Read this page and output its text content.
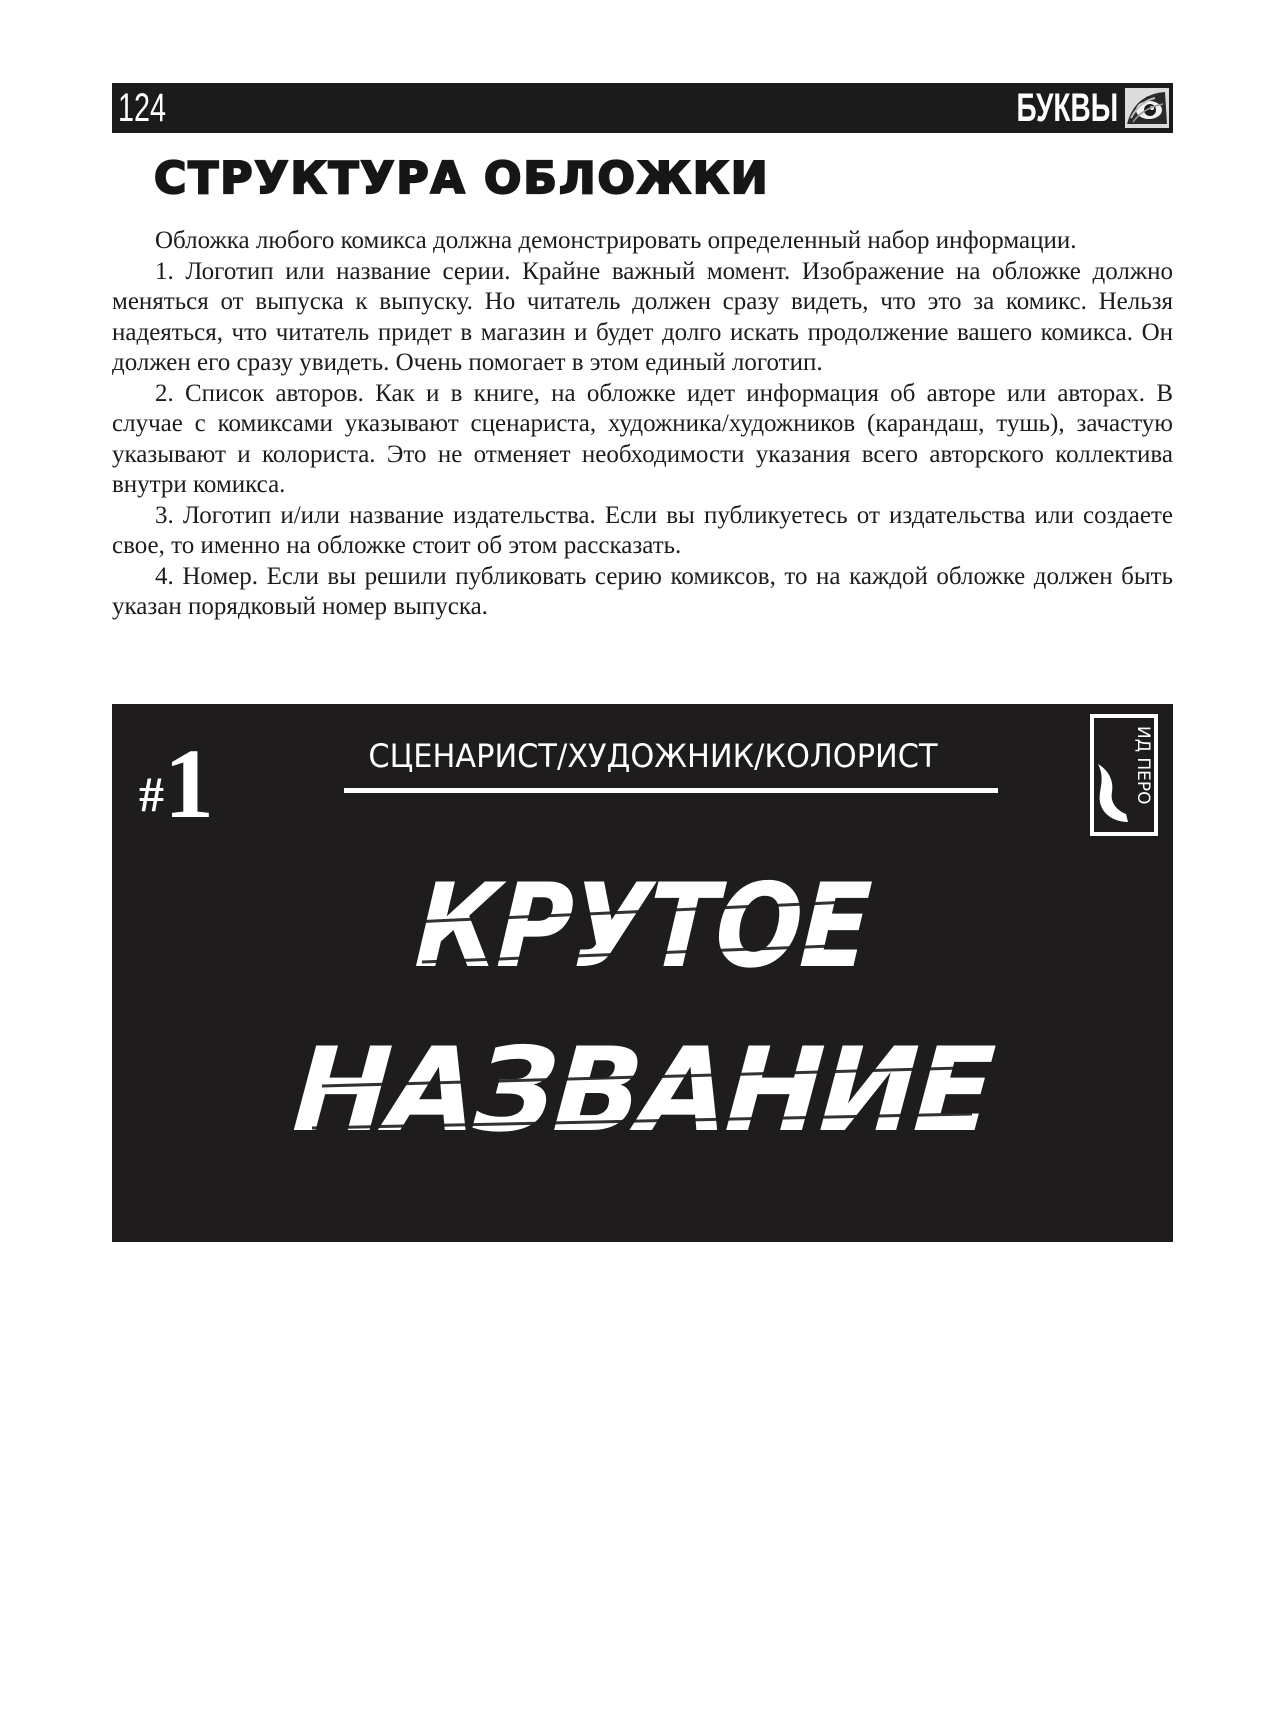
124	БУКВЫ
СТРУКТУРА ОБЛОЖКИ

Обложка любого комикса должна демонстрировать определенный набор информации.

1. Логотип или название серии. Крайне важный момент. Изображение на обложке должно меняться от выпуска к выпуску. Но читатель должен сразу видеть, что это за комикс. Нельзя надеяться, что читатель придет в магазин и будет долго искать продолжение вашего комикса. Он должен его сразу увидеть. Очень помогает в этом единый логотип.

2. Список авторов. Как и в книге, на обложке идет информация об авторе или авторах. В случае с комиксами указывают сценариста, художника/художников (карандаш, тушь), зачастую указывают и колориста. Это не отменяет необходимости указания всего авторского коллектива внутри комикса.

3. Логотип и/или название издательства. Если вы публикуетесь от издательства или создаете свое, то именно на обложке стоит об этом рассказать.

4. Номер. Если вы решили публиковать серию комиксов, то на каждой обложке должен быть указан порядковый номер выпуска.

#1	СЦЕНАРИСТ/ХУДОЖНИК/КОЛОРИСТ	ИД ПЕРО
КРУТОЕ
НАЗВАНИЕ
